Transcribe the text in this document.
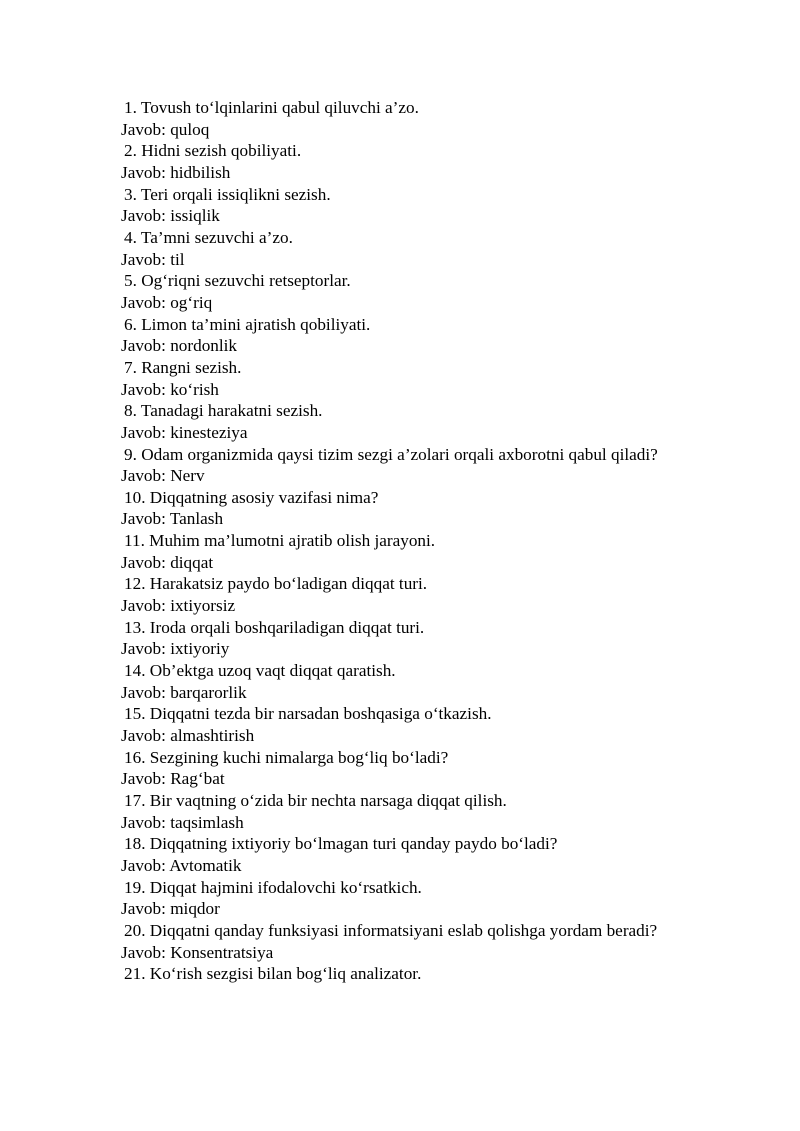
1 . Tovush to‘lqinlarini qabul qiluvchi a’zo.
Javob : quloq
2 . Hidni sezish qobiliyati.
Javob : hidbilish
3 . Teri orqali issiqlikni sezish.
Javob : issiqlik
4 . Ta’mni sezuvchi a’zo.
Javob : til
5 . Og‘riqni sezuvchi retseptorlar.
Javob : og‘riq
6 . Limon ta’mini ajratish qobiliyati.
Javob : nordonlik
7 . Rangni sezish.
Javob : ko‘rish
8 . Tanadagi harakatni sezish.
Javob : kinesteziya
9 . Odam organizmida qaysi tizim sezgi a’zolari orqali axborotni qabul qiladi?
Javob : Nerv
10 . Diqqatning asosiy vazifasi nima?
Javob : Tanlash
11 . Muhim ma’lumotni ajratib olish jarayoni.
Javob : diqqat
12 . Harakatsiz paydo bo‘ladigan diqqat turi.
Javob : ixtiyorsiz
13 . Iroda orqali boshqariladigan diqqat turi.
Javob : ixtiyoriy
14 . Ob’ektga uzoq vaqt diqqat qaratish.
Javob : barqarorlik
15 . Diqqatni tezda bir narsadan boshqasiga o‘tkazish.
Javob : almashtirish
16 . Sezgining kuchi nimalarga bog‘liq bo‘ladi?
Javob : Rag‘bat
17 . Bir vaqtning o‘zida bir nechta narsaga diqqat qilish.
Javob : taqsimlash
18 . Diqqatning ixtiyoriy bo‘lmagan turi qanday paydo bo‘ladi?
Javob : Avtomatik
19 . Diqqat hajmini ifodalovchi ko‘rsatkich.
Javob : miqdor
20 . Diqqatni qanday funksiyasi informatsiyani eslab qolishga yordam beradi?
Javob : Konsentratsiya
21 . Ko‘rish sezgisi bilan bog‘liq analizator.
